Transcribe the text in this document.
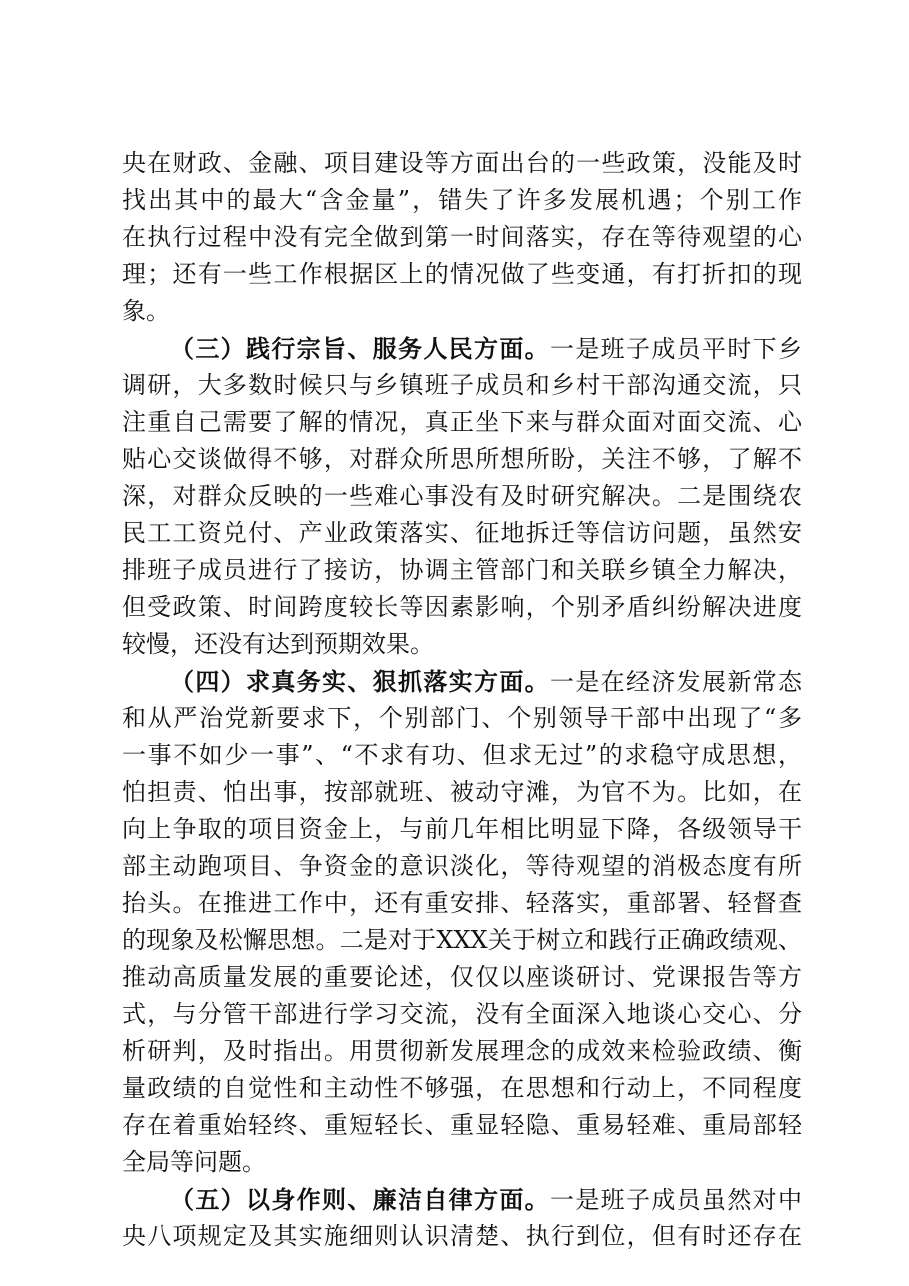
央在财政、金融、项目建设等方面出台的一些政策，没能及时
找出其中的最大“含金量”，错失了许多发展机遇；个别工作
在执行过程中没有完全做到第一时间落实，存在等待观望的心
理；还有一些工作根据区上的情况做了些变通，有打折扣的现
象。
（三）践行宗旨、服务人民方面。一是班子成员平时下乡
调研，大多数时候只与乡镇班子成员和乡村干部沟通交流，只
注重自己需要了解的情况，真正坐下来与群众面对面交流、心
贴心交谈做得不够，对群众所思所想所盼，关注不够，了解不
深，对群众反映的一些难心事没有及时研究解决。二是围绕农
民工工资兑付、产业政策落实、征地拆迁等信访问题，虽然安
排班子成员进行了接访，协调主管部门和关联乡镇全力解决，
但受政策、时间跨度较长等因素影响，个别矛盾纠纷解决进度
较慢，还没有达到预期效果。
（四）求真务实、狠抓落实方面。一是在经济发展新常态
和从严治党新要求下，个别部门、个别领导干部中出现了“多
一事不如少一事”、“不求有功、但求无过”的求稳守成思想，
怕担责、怕出事，按部就班、被动守滩，为官不为。比如，在
向上争取的项目资金上，与前几年相比明显下降，各级领导干
部主动跑项目、争资金的意识淡化，等待观望的消极态度有所
抬头。在推进工作中，还有重安排、轻落实，重部署、轻督查
的现象及松懈思想。二是对于XXX关于树立和践行正确政绩观、
推动高质量发展的重要论述，仅仅以座谈研讨、党课报告等方
式，与分管干部进行学习交流，没有全面深入地谈心交心、分
析研判，及时指出。用贯彻新发展理念的成效来检验政绩、衡
量政绩的自觉性和主动性不够强，在思想和行动上，不同程度
存在着重始轻终、重短轻长、重显轻隐、重易轻难、重局部轻
全局等问题。
（五）以身作则、廉洁自律方面。一是班子成员虽然对中
央八项规定及其实施细则认识清楚、执行到位，但有时还存在
